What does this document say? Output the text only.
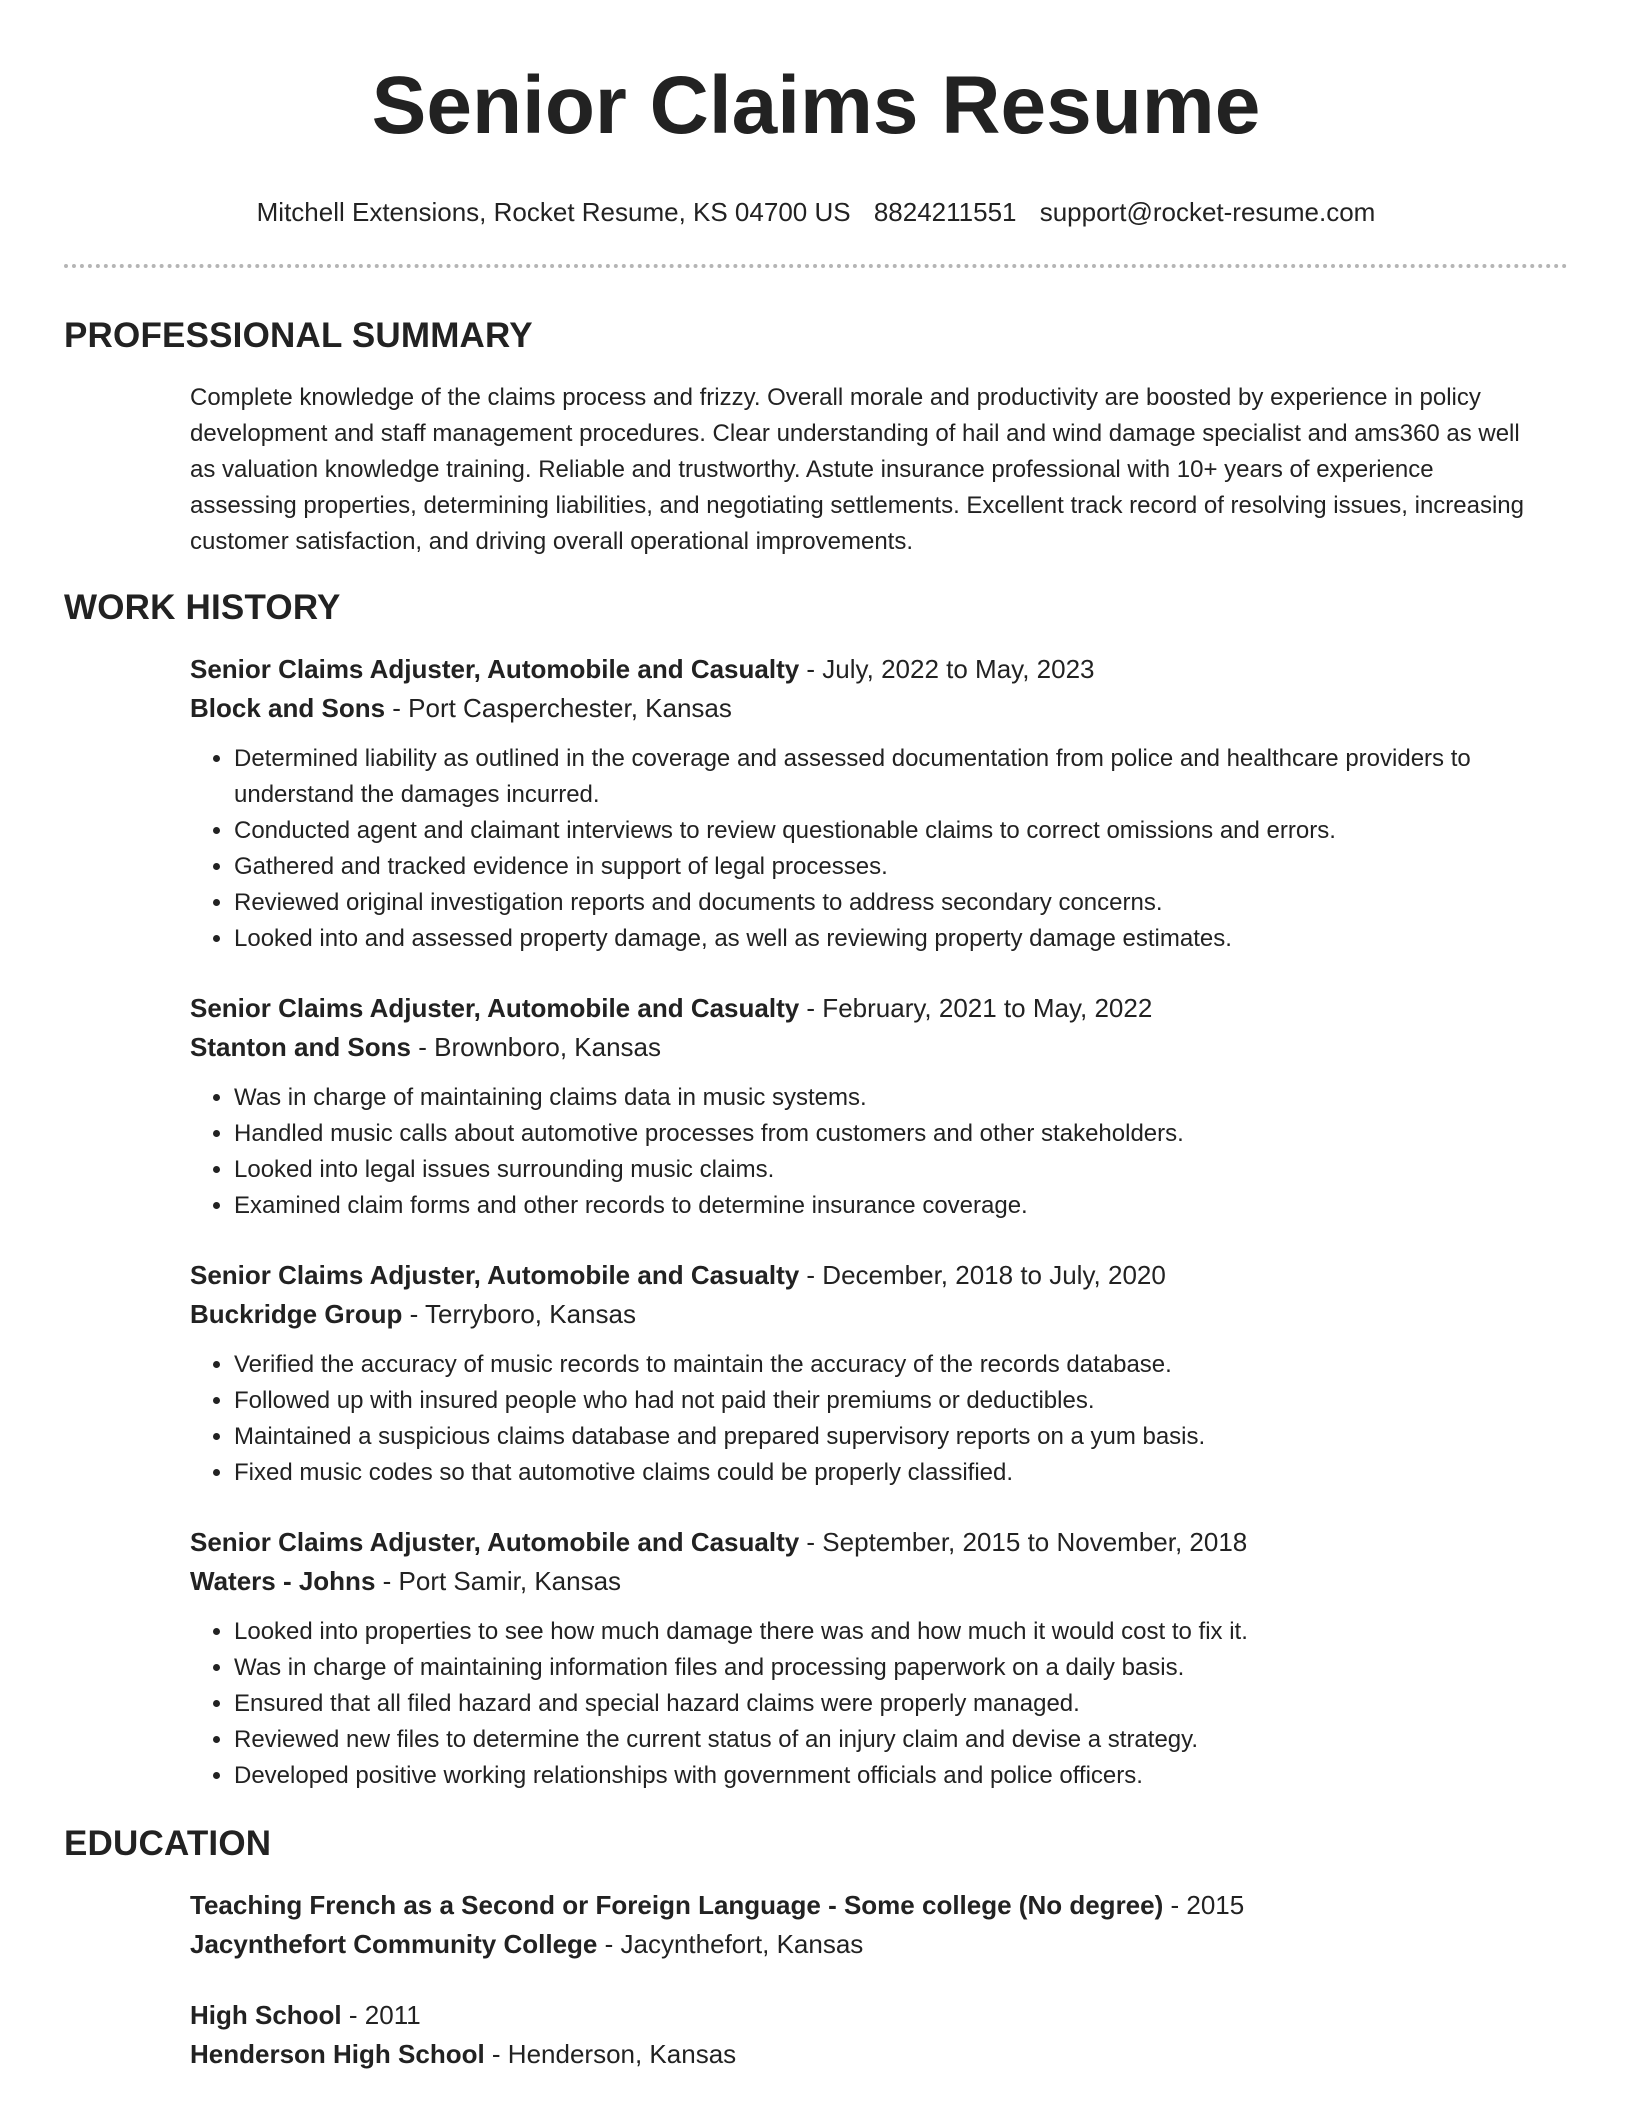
Senior Claims Resume
Mitchell Extensions, Rocket Resume, KS 04700 US 8824211551 support@rocket-resume.com
PROFESSIONAL SUMMARY

Complete knowledge of the claims process and frizzy. Overall morale and productivity are boosted by experience in policy development and staff management procedures. Clear understanding of hail and wind damage specialist and ams360 as well as valuation knowledge training. Reliable and trustworthy. Astute insurance professional with 10+ years of experience assessing properties, determining liabilities, and negotiating settlements. Excellent track record of resolving issues, increasing customer satisfaction, and driving overall operational improvements.

WORK HISTORY
Senior Claims Adjuster, Automobile and Casualty - July, 2022 to May, 2023
Block and Sons - Port Casperchester, Kansas
• Determined liability as outlined in the coverage and assessed documentation from police and healthcare providers to understand the damages incurred.
• Conducted agent and claimant interviews to review questionable claims to correct omissions and errors.
• Gathered and tracked evidence in support of legal processes.
• Reviewed original investigation reports and documents to address secondary concerns.
• Looked into and assessed property damage, as well as reviewing property damage estimates.
Senior Claims Adjuster, Automobile and Casualty - February, 2021 to May, 2022
Stanton and Sons - Brownboro, Kansas
• Was in charge of maintaining claims data in music systems.
• Handled music calls about automotive processes from customers and other stakeholders.
• Looked into legal issues surrounding music claims.
• Examined claim forms and other records to determine insurance coverage.
Senior Claims Adjuster, Automobile and Casualty - December, 2018 to July, 2020
Buckridge Group - Terryboro, Kansas
• Verified the accuracy of music records to maintain the accuracy of the records database.
• Followed up with insured people who had not paid their premiums or deductibles.
• Maintained a suspicious claims database and prepared supervisory reports on a yum basis.
• Fixed music codes so that automotive claims could be properly classified.
Senior Claims Adjuster, Automobile and Casualty - September, 2015 to November, 2018
Waters - Johns - Port Samir, Kansas
• Looked into properties to see how much damage there was and how much it would cost to fix it.
• Was in charge of maintaining information files and processing paperwork on a daily basis.
• Ensured that all filed hazard and special hazard claims were properly managed.
• Reviewed new files to determine the current status of an injury claim and devise a strategy.
• Developed positive working relationships with government officials and police officers.
EDUCATION
Teaching French as a Second or Foreign Language - Some college (No degree) - 2015
Jacynthefort Community College - Jacynthefort, Kansas
High School - 2011
Henderson High School - Henderson, Kansas
